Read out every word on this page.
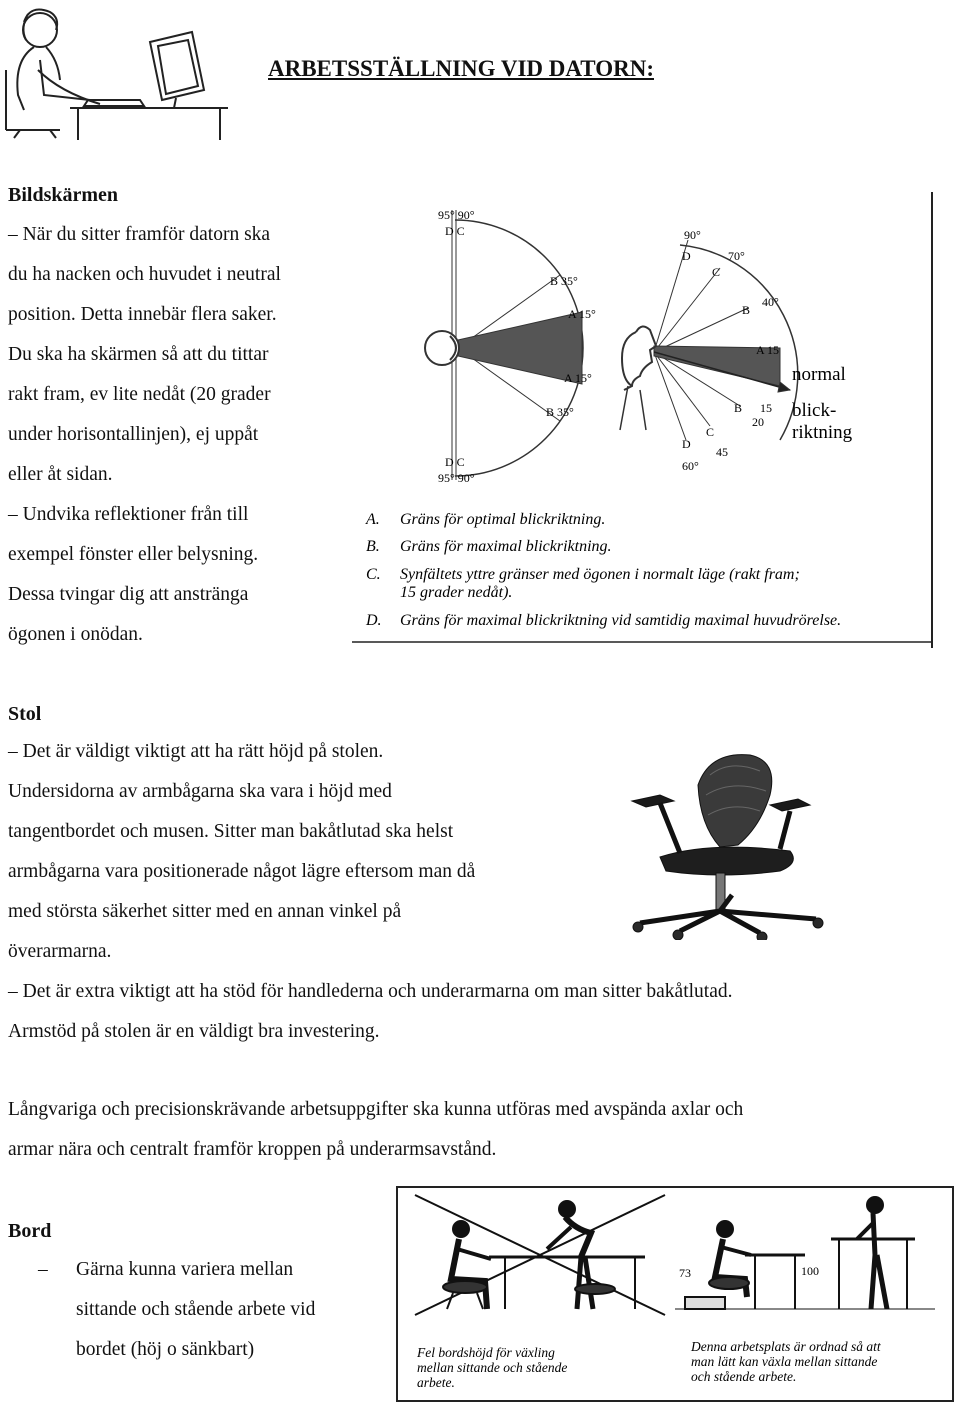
ARBETSSTÄLLNING VID DATORN:
Bildskärmen
– När du sitter framför datorn ska
du ha nacken och huvudet i neutral
position. Detta innebär flera saker.
Du ska ha skärmen så att du tittar
rakt fram, ev lite nedåt (20 grader
under horisontallinjen), ej uppåt
eller åt sidan.
– Undvika reflektioner från till
exempel fönster eller belysning.
Dessa tvingar dig att anstränga
ögonen i onödan.
95° 90°
D C
B 35°
A 15°
A 15°
B 35°
D C
95° 90°
90°
D	70°
C
40°
B
A 15
B 15
20
C
D
45
60°
normal
blick-
riktning
A. Gräns för optimal blickriktning.
B. Gräns för maximal blickriktning.
C. Synfältets yttre gränser med ögonen i normalt läge (rakt fram;
15 grader nedåt).
D. Gräns för maximal blickriktning vid samtidig maximal huvudrörelse.
Stol
– Det är väldigt viktigt att ha rätt höjd på stolen.
Undersidorna av armbågarna ska vara i höjd med
tangentbordet och musen. Sitter man bakåtlutad ska helst
armbågarna vara positionerade något lägre eftersom man då
med största säkerhet sitter med en annan vinkel på
överarmarna.
– Det är extra viktigt att ha stöd för handlederna och underarmarna om man sitter bakåtlutad.
Armstöd på stolen är en väldigt bra investering.
Långvariga och precisionskrävande arbetsuppgifter ska kunna utföras med avspända axlar och
armar nära och centralt framför kroppen på underarmsavstånd.
Bord
– Gärna kunna variera mellan
sittande och stående arbete vid
bordet (höj o sänkbart)
73	100
Fel bordshöjd för växling
mellan sittande och stående
arbete.
Denna arbetsplats är ordnad så att
man lätt kan växla mellan sittande
och stående arbete.
